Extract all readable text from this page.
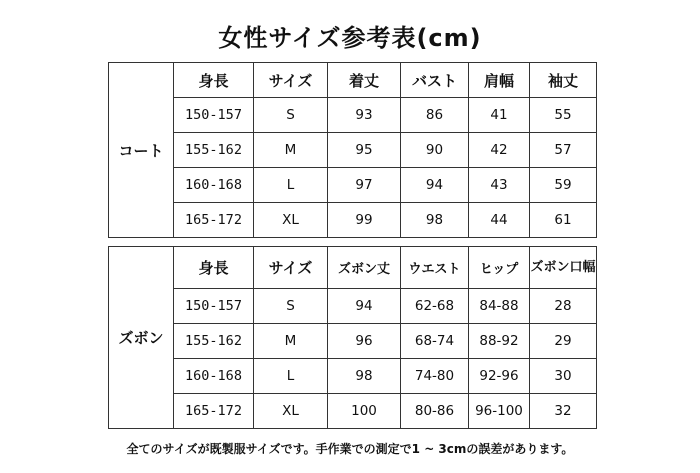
女性サイズ参考表(cm)
コート	身長	サイズ	着丈	バスト	肩幅	袖丈
	150-157	S	93	86	41	55
	155-162	M	95	90	42	57
	160-168	L	97	94	43	59
	165-172	XL	99	98	44	61
ズボン	身長	サイズ	ズボン丈	ウエスト	ヒップ	ズボン口幅
	150-157	S	94	62-68	84-88	28
	155-162	M	96	68-74	88-92	29
	160-168	L	98	74-80	92-96	30
	165-172	XL	100	80-86	96-100	32
全てのサイズが既製服サイズです。手作業での測定で1 ~ 3cmの誤差があります。
